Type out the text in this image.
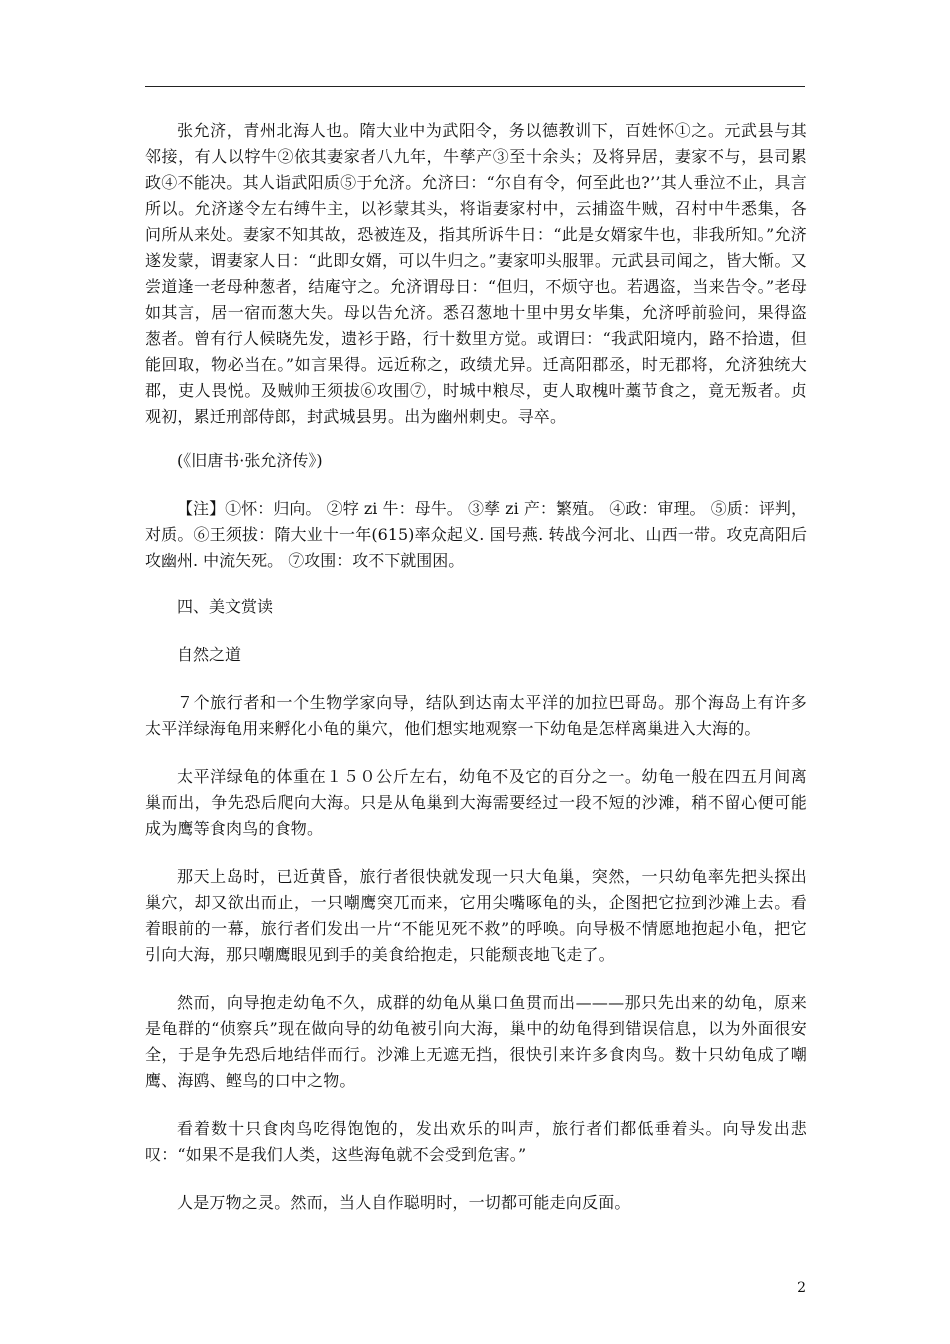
张允济，青州北海人也。隋大业中为武阳令，务以德教训下，百姓怀①之。元武县与其邻接，有人以牸牛②依其妻家者八九年，牛孳产③至十余头；及将异居，妻家不与，县司累政④不能决。其人诣武阳质⑤于允济。允济曰：“尔自有令，何至此也?’’其人垂泣不止，具言所以。允济遂令左右缚牛主，以衫蒙其头，将诣妻家村中，云捕盗牛贼，召村中牛悉集，各问所从来处。妻家不知其故，恐被连及，指其所诉牛日：“此是女婿家牛也，非我所知。”允济遂发蒙，谓妻家人日：“此即女婿，可以牛归之。”妻家叩头服罪。元武县司闻之，皆大惭。又尝道逢一老母种葱者，结庵守之。允济谓母日：“但归，不烦守也。若遇盗，当来告令。”老母如其言，居一宿而葱大失。母以告允济。悉召葱地十里中男女毕集，允济呼前验问，果得盗葱者。曾有行人候晓先发，遗衫于路，行十数里方觉。或谓曰：“我武阳境内，路不拾遗，但能回取，物必当在。”如言果得。远近称之，政绩尤异。迁高阳郡丞，时无郡将，允济独统大郡，吏人畏悦。及贼帅王须拔⑥攻围⑦，时城中粮尽，吏人取槐叶藁节食之，竟无叛者。贞观初，累迁刑部侍郎，封武城县男。出为幽州刺史。寻卒。

(《旧唐书·张允济传》)

【注】①怀：归向。 ②牸 zi 牛：母牛。 ③孳 zi 产：繁殖。 ④政：审理。 ⑤质：评判，对质。⑥王须拔：隋大业十一年(615)率众起义. 国号燕. 转战今河北、山西一带。攻克高阳后攻幽州. 中流矢死。 ⑦攻围：攻不下就围困。

四、美文赏读

自然之道

７个旅行者和一个生物学家向导，结队到达南太平洋的加拉巴哥岛。那个海岛上有许多太平洋绿海龟用来孵化小龟的巢穴，他们想实地观察一下幼龟是怎样离巢进入大海的。

太平洋绿龟的体重在１５０公斤左右，幼龟不及它的百分之一。幼龟一般在四五月间离巢而出，争先恐后爬向大海。只是从龟巢到大海需要经过一段不短的沙滩，稍不留心便可能成为鹰等食肉鸟的食物。

那天上岛时，已近黄昏，旅行者很快就发现一只大龟巢，突然，一只幼龟率先把头探出巢穴，却又欲出而止，一只嘲鹰突兀而来，它用尖嘴啄龟的头，企图把它拉到沙滩上去。看着眼前的一幕，旅行者们发出一片“不能见死不救”的呼唤。向导极不情愿地抱起小龟，把它引向大海，那只嘲鹰眼见到手的美食给抱走，只能颓丧地飞走了。

然而，向导抱走幼龟不久，成群的幼龟从巢口鱼贯而出———那只先出来的幼龟，原来是龟群的“侦察兵”现在做向导的幼龟被引向大海，巢中的幼龟得到错误信息，以为外面很安全，于是争先恐后地结伴而行。沙滩上无遮无挡，很快引来许多食肉鸟。数十只幼龟成了嘲鹰、海鸥、鲣鸟的口中之物。

看着数十只食肉鸟吃得饱饱的，发出欢乐的叫声，旅行者们都低垂着头。向导发出悲叹：“如果不是我们人类，这些海龟就不会受到危害。”

人是万物之灵。然而，当人自作聪明时，一切都可能走向反面。

2
